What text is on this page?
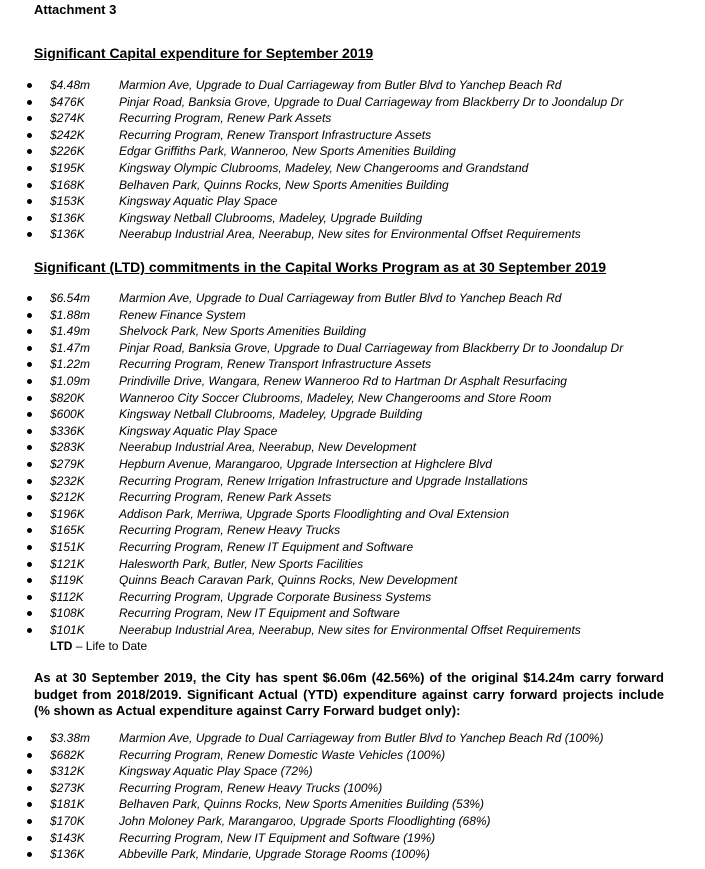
Attachment 3
Significant Capital expenditure for September 2019
$4.48m Marmion Ave, Upgrade to Dual Carriageway from Butler Blvd to Yanchep Beach Rd
$476K	Pinjar Road, Banksia Grove, Upgrade to Dual Carriageway from Blackberry Dr to Joondalup Dr
$274K	Recurring Program, Renew Park Assets
$242K	Recurring Program, Renew Transport Infrastructure Assets
$226K	Edgar Griffiths Park, Wanneroo, New Sports Amenities Building
$195K	Kingsway Olympic Clubrooms, Madeley, New Changerooms and Grandstand
$168K	Belhaven Park, Quinns Rocks, New Sports Amenities Building
$153K	Kingsway Aquatic Play Space
$136K	Kingsway Netball Clubrooms, Madeley, Upgrade Building
$136K	Neerabup Industrial Area, Neerabup, New sites for Environmental Offset Requirements
Significant (LTD) commitments in the Capital Works Program as at 30 September 2019
$6.54m Marmion Ave, Upgrade to Dual Carriageway from Butler Blvd to Yanchep Beach Rd
$1.88m Renew Finance System
$1.49m Shelvock Park, New Sports Amenities Building
$1.47m Pinjar Road, Banksia Grove, Upgrade to Dual Carriageway from Blackberry Dr to Joondalup Dr
$1.22m Recurring Program, Renew Transport Infrastructure Assets
$1.09m Prindiville Drive, Wangara, Renew Wanneroo Rd to Hartman Dr Asphalt Resurfacing
$820K	Wanneroo City Soccer Clubrooms, Madeley, New Changerooms and Store Room
$600K	Kingsway Netball Clubrooms, Madeley, Upgrade Building
$336K	Kingsway Aquatic Play Space
$283K	Neerabup Industrial Area, Neerabup, New Development
$279K	Hepburn Avenue, Marangaroo, Upgrade Intersection at Highclere Blvd
$232K	Recurring Program, Renew Irrigation Infrastructure and Upgrade Installations
$212K	Recurring Program, Renew Park Assets
$196K	Addison Park, Merriwa, Upgrade Sports Floodlighting and Oval Extension
$165K	Recurring Program, Renew Heavy Trucks
$151K	Recurring Program, Renew IT Equipment and Software
$121K	Halesworth Park, Butler, New Sports Facilities
$119K	Quinns Beach Caravan Park, Quinns Rocks, New Development
$112K	Recurring Program, Upgrade Corporate Business Systems
$108K	Recurring Program, New IT Equipment and Software
$101K	Neerabup Industrial Area, Neerabup, New sites for Environmental Offset Requirements
LTD – Life to Date
As at 30 September 2019, the City has spent $6.06m (42.56%) of the original $14.24m carry forward budget from 2018/2019. Significant Actual (YTD) expenditure against carry forward projects include (% shown as Actual expenditure against Carry Forward budget only):
$3.38m Marmion Ave, Upgrade to Dual Carriageway from Butler Blvd to Yanchep Beach Rd (100%)
$682K	Recurring Program, Renew Domestic Waste Vehicles (100%)
$312K	Kingsway Aquatic Play Space (72%)
$273K	Recurring Program, Renew Heavy Trucks (100%)
$181K	Belhaven Park, Quinns Rocks, New Sports Amenities Building (53%)
$170K	John Moloney Park, Marangaroo, Upgrade Sports Floodlighting (68%)
$143K	Recurring Program, New IT Equipment and Software (19%)
$136K	Abbeville Park, Mindarie, Upgrade Storage Rooms (100%)
